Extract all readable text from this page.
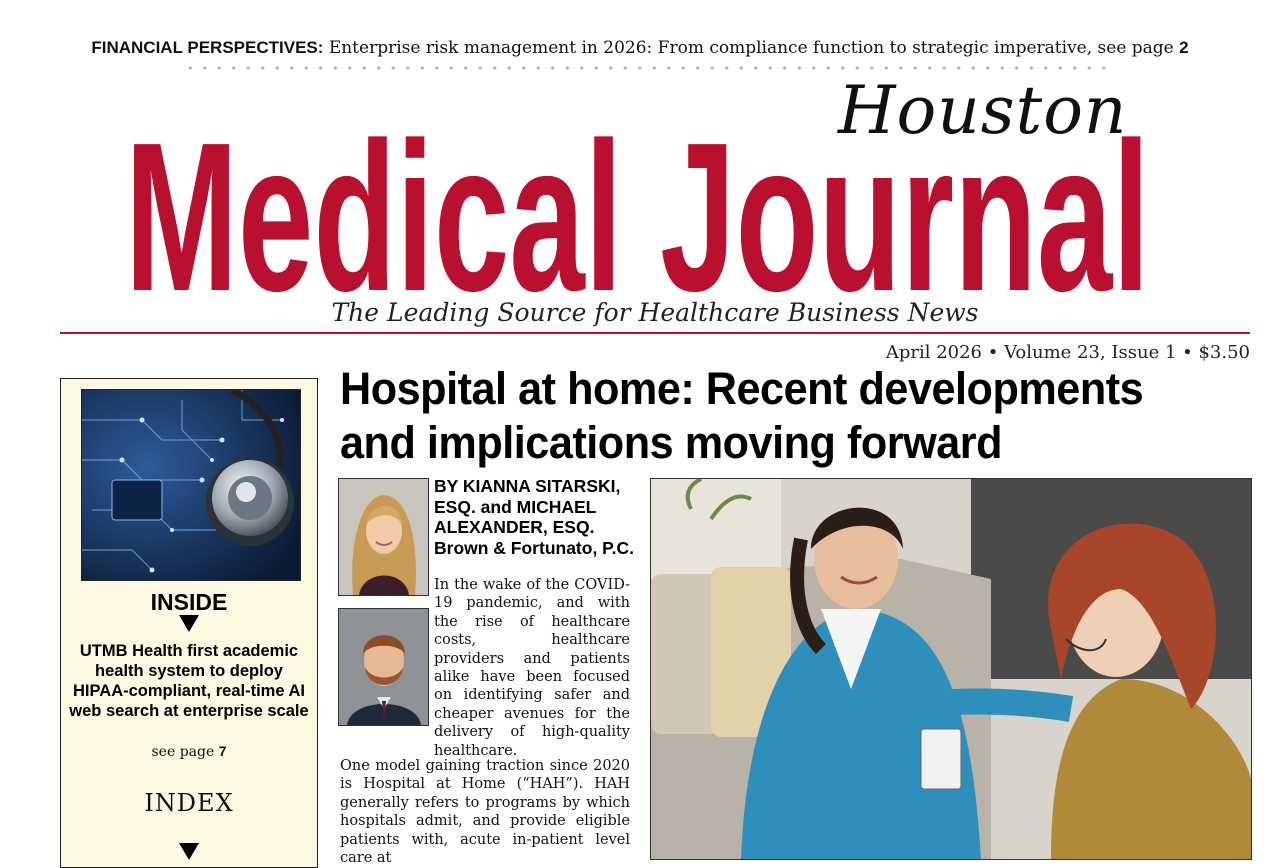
FINANCIAL PERSPECTIVES: Enterprise risk management in 2026: From compliance function to strategic imperative, see page 2
Medical Journal
Houston
The Leading Source for Healthcare Business News
April 2026 • Volume 23, Issue 1 • $3.50
Hospital at home: Recent developments and implications moving forward
INSIDE
UTMB Health first academic health system to deploy HIPAA-compliant, real-time AI web search at enterprise scale
see page 7
INDEX
BY KIANNA SITARSKI, ESQ. and MICHAEL ALEXANDER, ESQ. Brown & Fortunato, P.C.
In the wake of the COVID-19 pandemic, and with the rise of healthcare costs, healthcare providers and patients alike have been focused on identifying safer and cheaper avenues for the delivery of high-quality healthcare.
One model gaining traction since 2020 is Hospital at Home (“HAH”). HAH generally refers to programs by which hospitals admit, and provide eligible patients with, acute in-patient level care at
